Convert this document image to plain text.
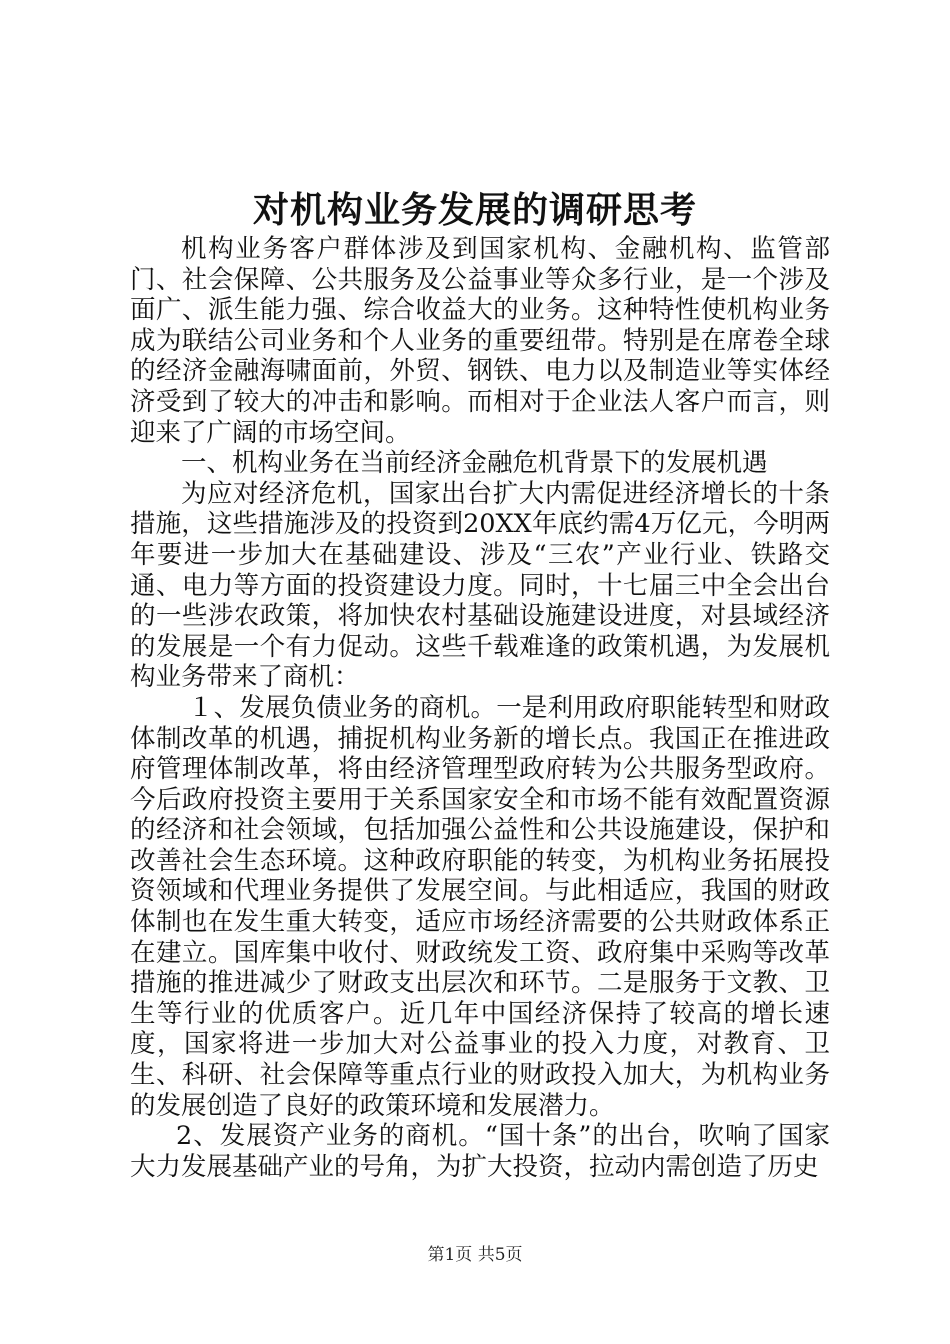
对机构业务发展的调研思考

机构业务客户群体涉及到国家机构、金融机构、监管部门、社会保障、公共服务及公益事业等众多行业，是一个涉及面广、派生能力强、综合收益大的业务。这种特性使机构业务成为联结公司业务和个人业务的重要纽带。特别是在席卷全球的经济金融海啸面前，外贸、钢铁、电力以及制造业等实体经济受到了较大的冲击和影响。而相对于企业法人客户而言，则迎来了广阔的市场空间。

一、机构业务在当前经济金融危机背景下的发展机遇

为应对经济危机，国家出台扩大内需促进经济增长的十条措施，这些措施涉及的投资到20XX年底约需4万亿元，今明两年要进一步加大在基础建设、涉及“三农”产业行业、铁路交通、电力等方面的投资建设力度。同时，十七届三中全会出台的一些涉农政策，将加快农村基础设施建设进度，对县域经济的发展是一个有力促动。这些千载难逢的政策机遇，为发展机构业务带来了商机：

１、发展负债业务的商机。一是利用政府职能转型和财政体制改革的机遇，捕捉机构业务新的增长点。我国正在推进政府管理体制改革，将由经济管理型政府转为公共服务型政府。今后政府投资主要用于关系国家安全和市场不能有效配置资源的经济和社会领域，包括加强公益性和公共设施建设，保护和改善社会生态环境。这种政府职能的转变，为机构业务拓展投资领域和代理业务提供了发展空间。与此相适应，我国的财政体制也在发生重大转变，适应市场经济需要的公共财政体系正在建立。国库集中收付、财政统发工资、政府集中采购等改革措施的推进减少了财政支出层次和环节。二是服务于文教、卫生等行业的优质客户。近几年中国经济保持了较高的增长速度，国家将进一步加大对公益事业的投入力度，对教育、卫生、科研、社会保障等重点行业的财政投入加大，为机构业务的发展创造了良好的政策环境和发展潜力。

2、发展资产业务的商机。“国十条”的出台，吹响了国家大力发展基础产业的号角，为扩大投资，拉动内需创造了历史

第1页 共5页
